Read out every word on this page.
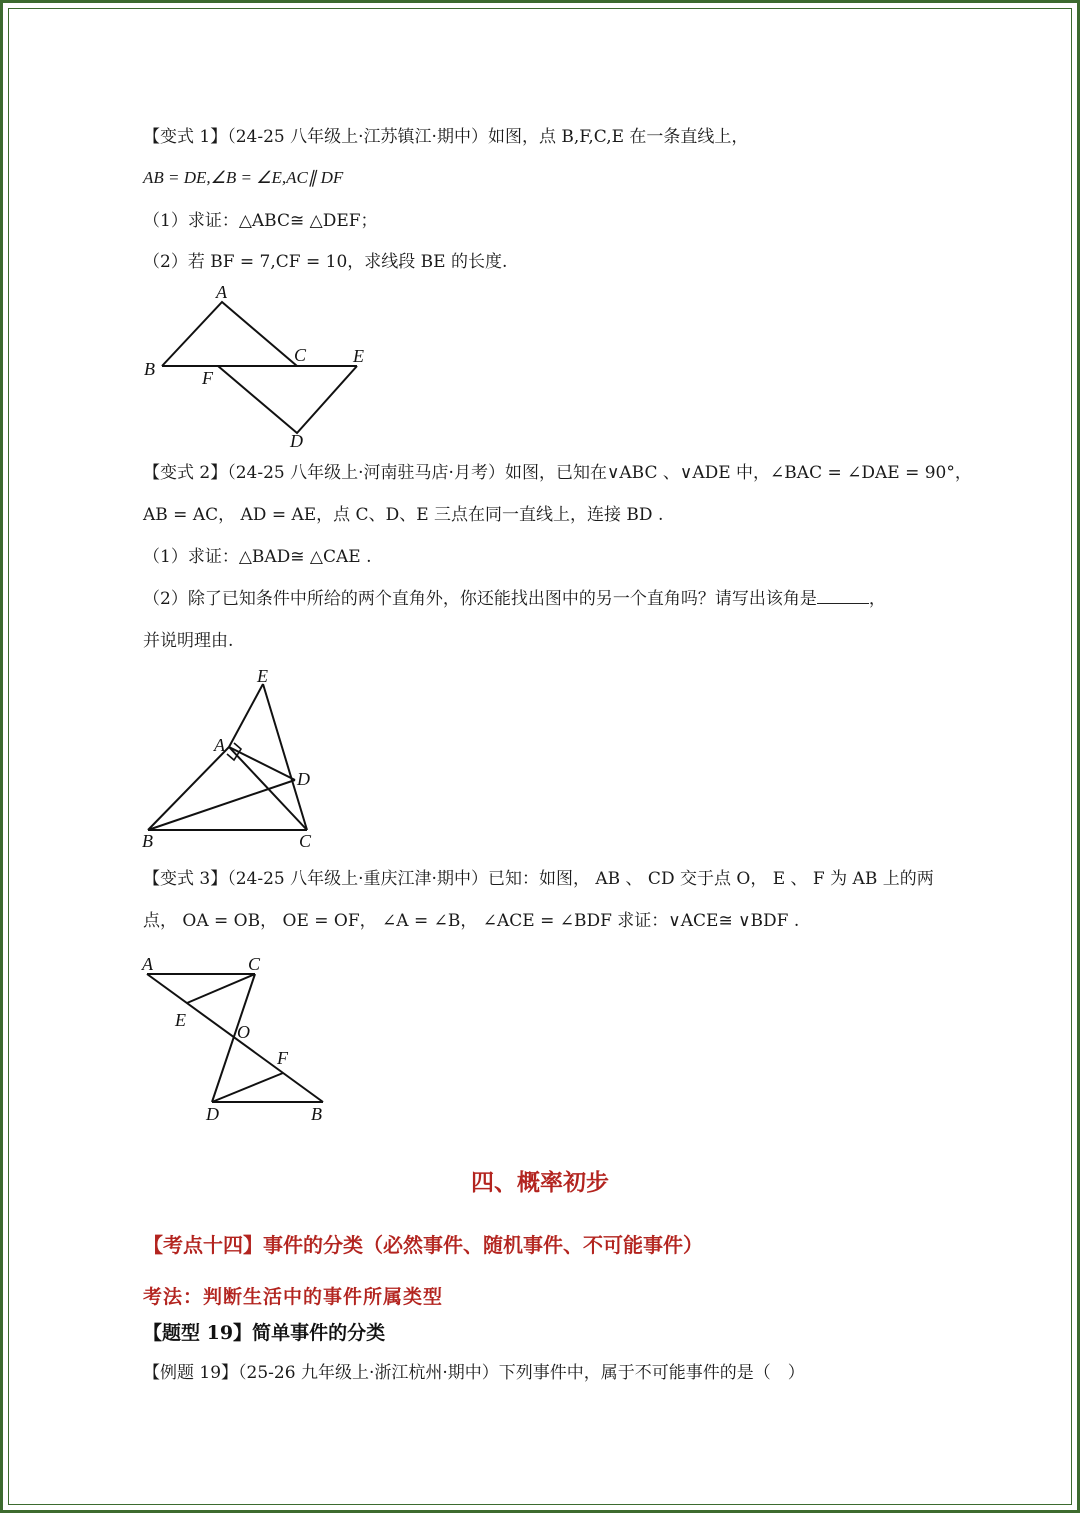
【变式 1】（24-25 八年级上·江苏镇江·期中）如图，点 B,F,C,E 在一条直线上，
AB = DE,∠B = ∠E,AC∥ DF
（1）求证：△ABC≅ △DEF；
（2）若 BF = 7,CF = 10，求线段 BE 的长度.
A
B
C	E
F
D
【变式 2】（24-25 八年级上·河南驻马店·月考）如图，已知在∨ABC 、∨ADE 中，∠BAC = ∠DAE = 90°，
AB = AC， AD = AE，点 C、D、E 三点在同一直线上，连接 BD .
（1）求证：△BAD≅ △CAE .
（2）除了已知条件中所给的两个直角外，你还能找出图中的另一个直角吗？请写出该角是	，
并说明理由.
E
A
D
B	C
【变式 3】（24-25 八年级上·重庆江津·期中）已知：如图， AB 、 CD 交于点 O， E 、 F 为 AB 上的两
点， OA = OB， OE = OF， ∠A = ∠B， ∠ACE = ∠BDF 求证：∨ACE≅ ∨BDF .
A	C
E
O
F
D	B
四、概率初步
【考点十四】事件的分类（必然事件、随机事件、不可能事件）
考法：判断生活中的事件所属类型
【题型 19】简单事件的分类
【例题 19】（25-26 九年级上·浙江杭州·期中）下列事件中，属于不可能事件的是（　）
